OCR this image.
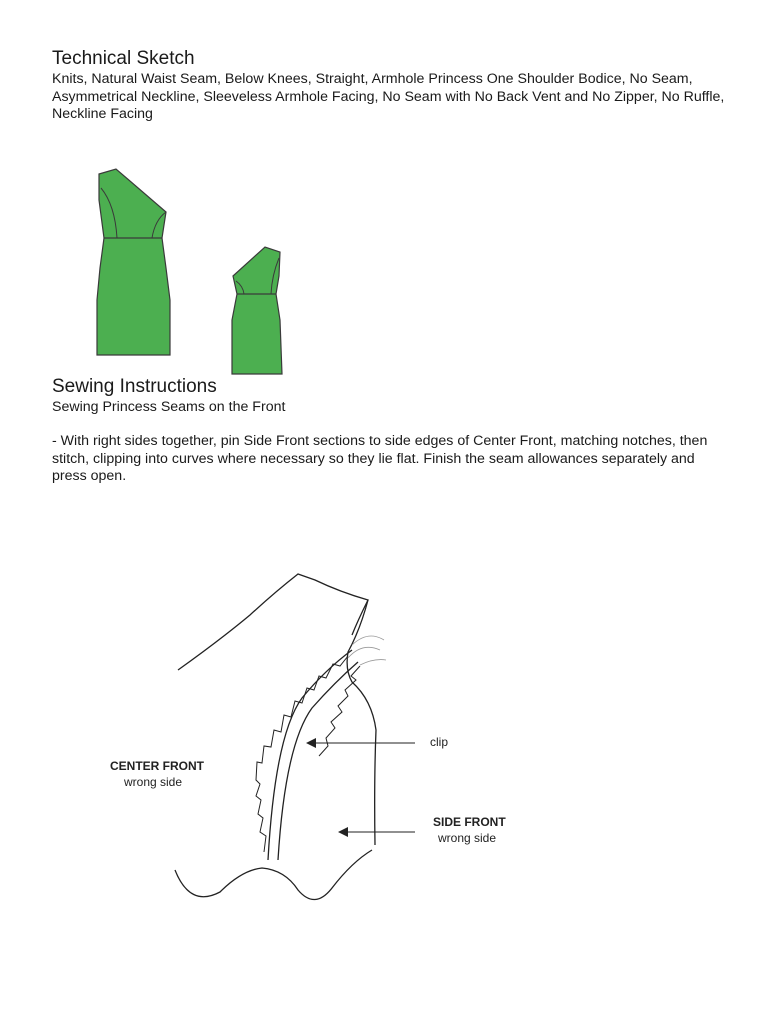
Technical Sketch

Knits, Natural Waist Seam, Below Knees, Straight, Armhole Princess One Shoulder Bodice, No Seam, Asymmetrical Neckline, Sleeveless Armhole Facing, No Seam with No Back Vent and No Zipper, No Ruffle, Neckline Facing

Sewing Instructions

Sewing Princess Seams on the Front

- With right sides together, pin Side Front sections to side edges of Center Front, matching notches, then stitch, clipping into curves where necessary so they lie flat. Finish the seam allowances separately and press open.

clip
CENTER FRONT
wrong side
SIDE FRONT
wrong side
